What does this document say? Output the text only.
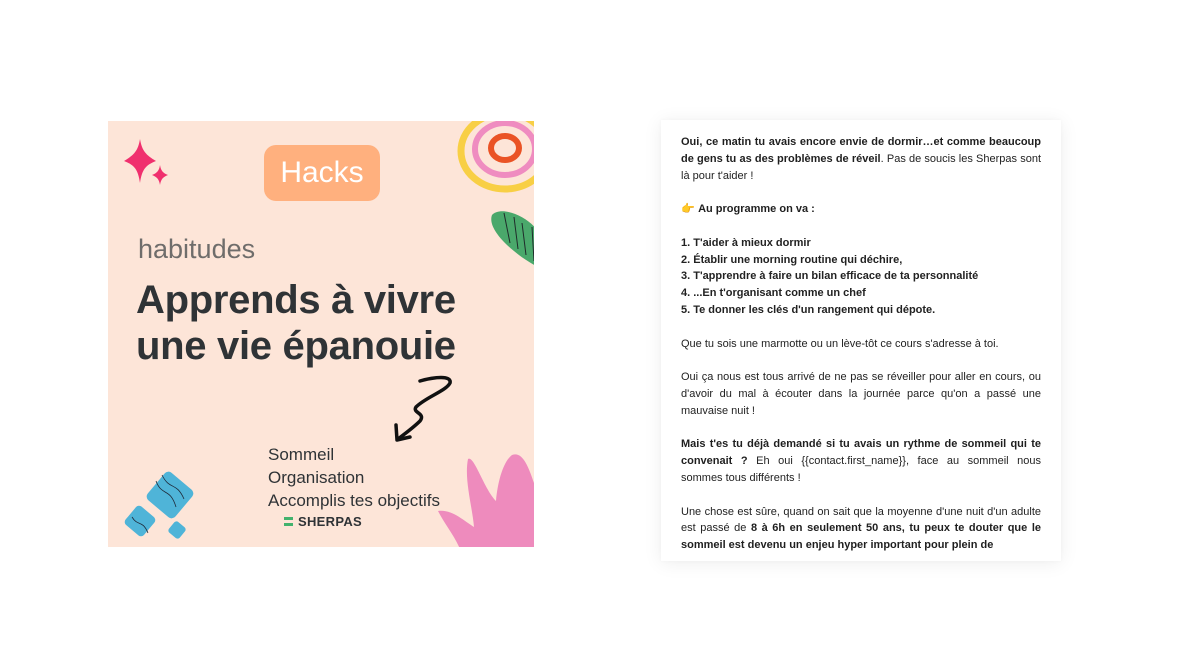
Hacks
habitudes
Apprends à vivre
une vie épanouie
Sommeil
Organisation
Accomplis tes objectifs
SHERPAS

Oui, ce matin tu avais encore envie de dormir…et comme beaucoup de gens tu as des problèmes de réveil. Pas de soucis les Sherpas sont là pour t'aider !

👉 Au programme on va :

1. T'aider à mieux dormir
2. Établir une morning routine qui déchire,
3. T'apprendre à faire un bilan efficace de ta personnalité
4. ...En t'organisant comme un chef
5. Te donner les clés d'un rangement qui dépote.

Que tu sois une marmotte ou un lève-tôt ce cours s'adresse à toi.

Oui ça nous est tous arrivé de ne pas se réveiller pour aller en cours, ou d'avoir du mal à écouter dans la journée parce qu'on a passé une mauvaise nuit !

Mais t'es tu déjà demandé si tu avais un rythme de sommeil qui te convenait ? Eh oui {{contact.first_name}}, face au sommeil nous sommes tous différents !

Une chose est sûre, quand on sait que la moyenne d'une nuit d'un adulte est passé de 8 à 6h en seulement 50 ans, tu peux te douter que le sommeil est devenu un enjeu hyper important pour plein de
